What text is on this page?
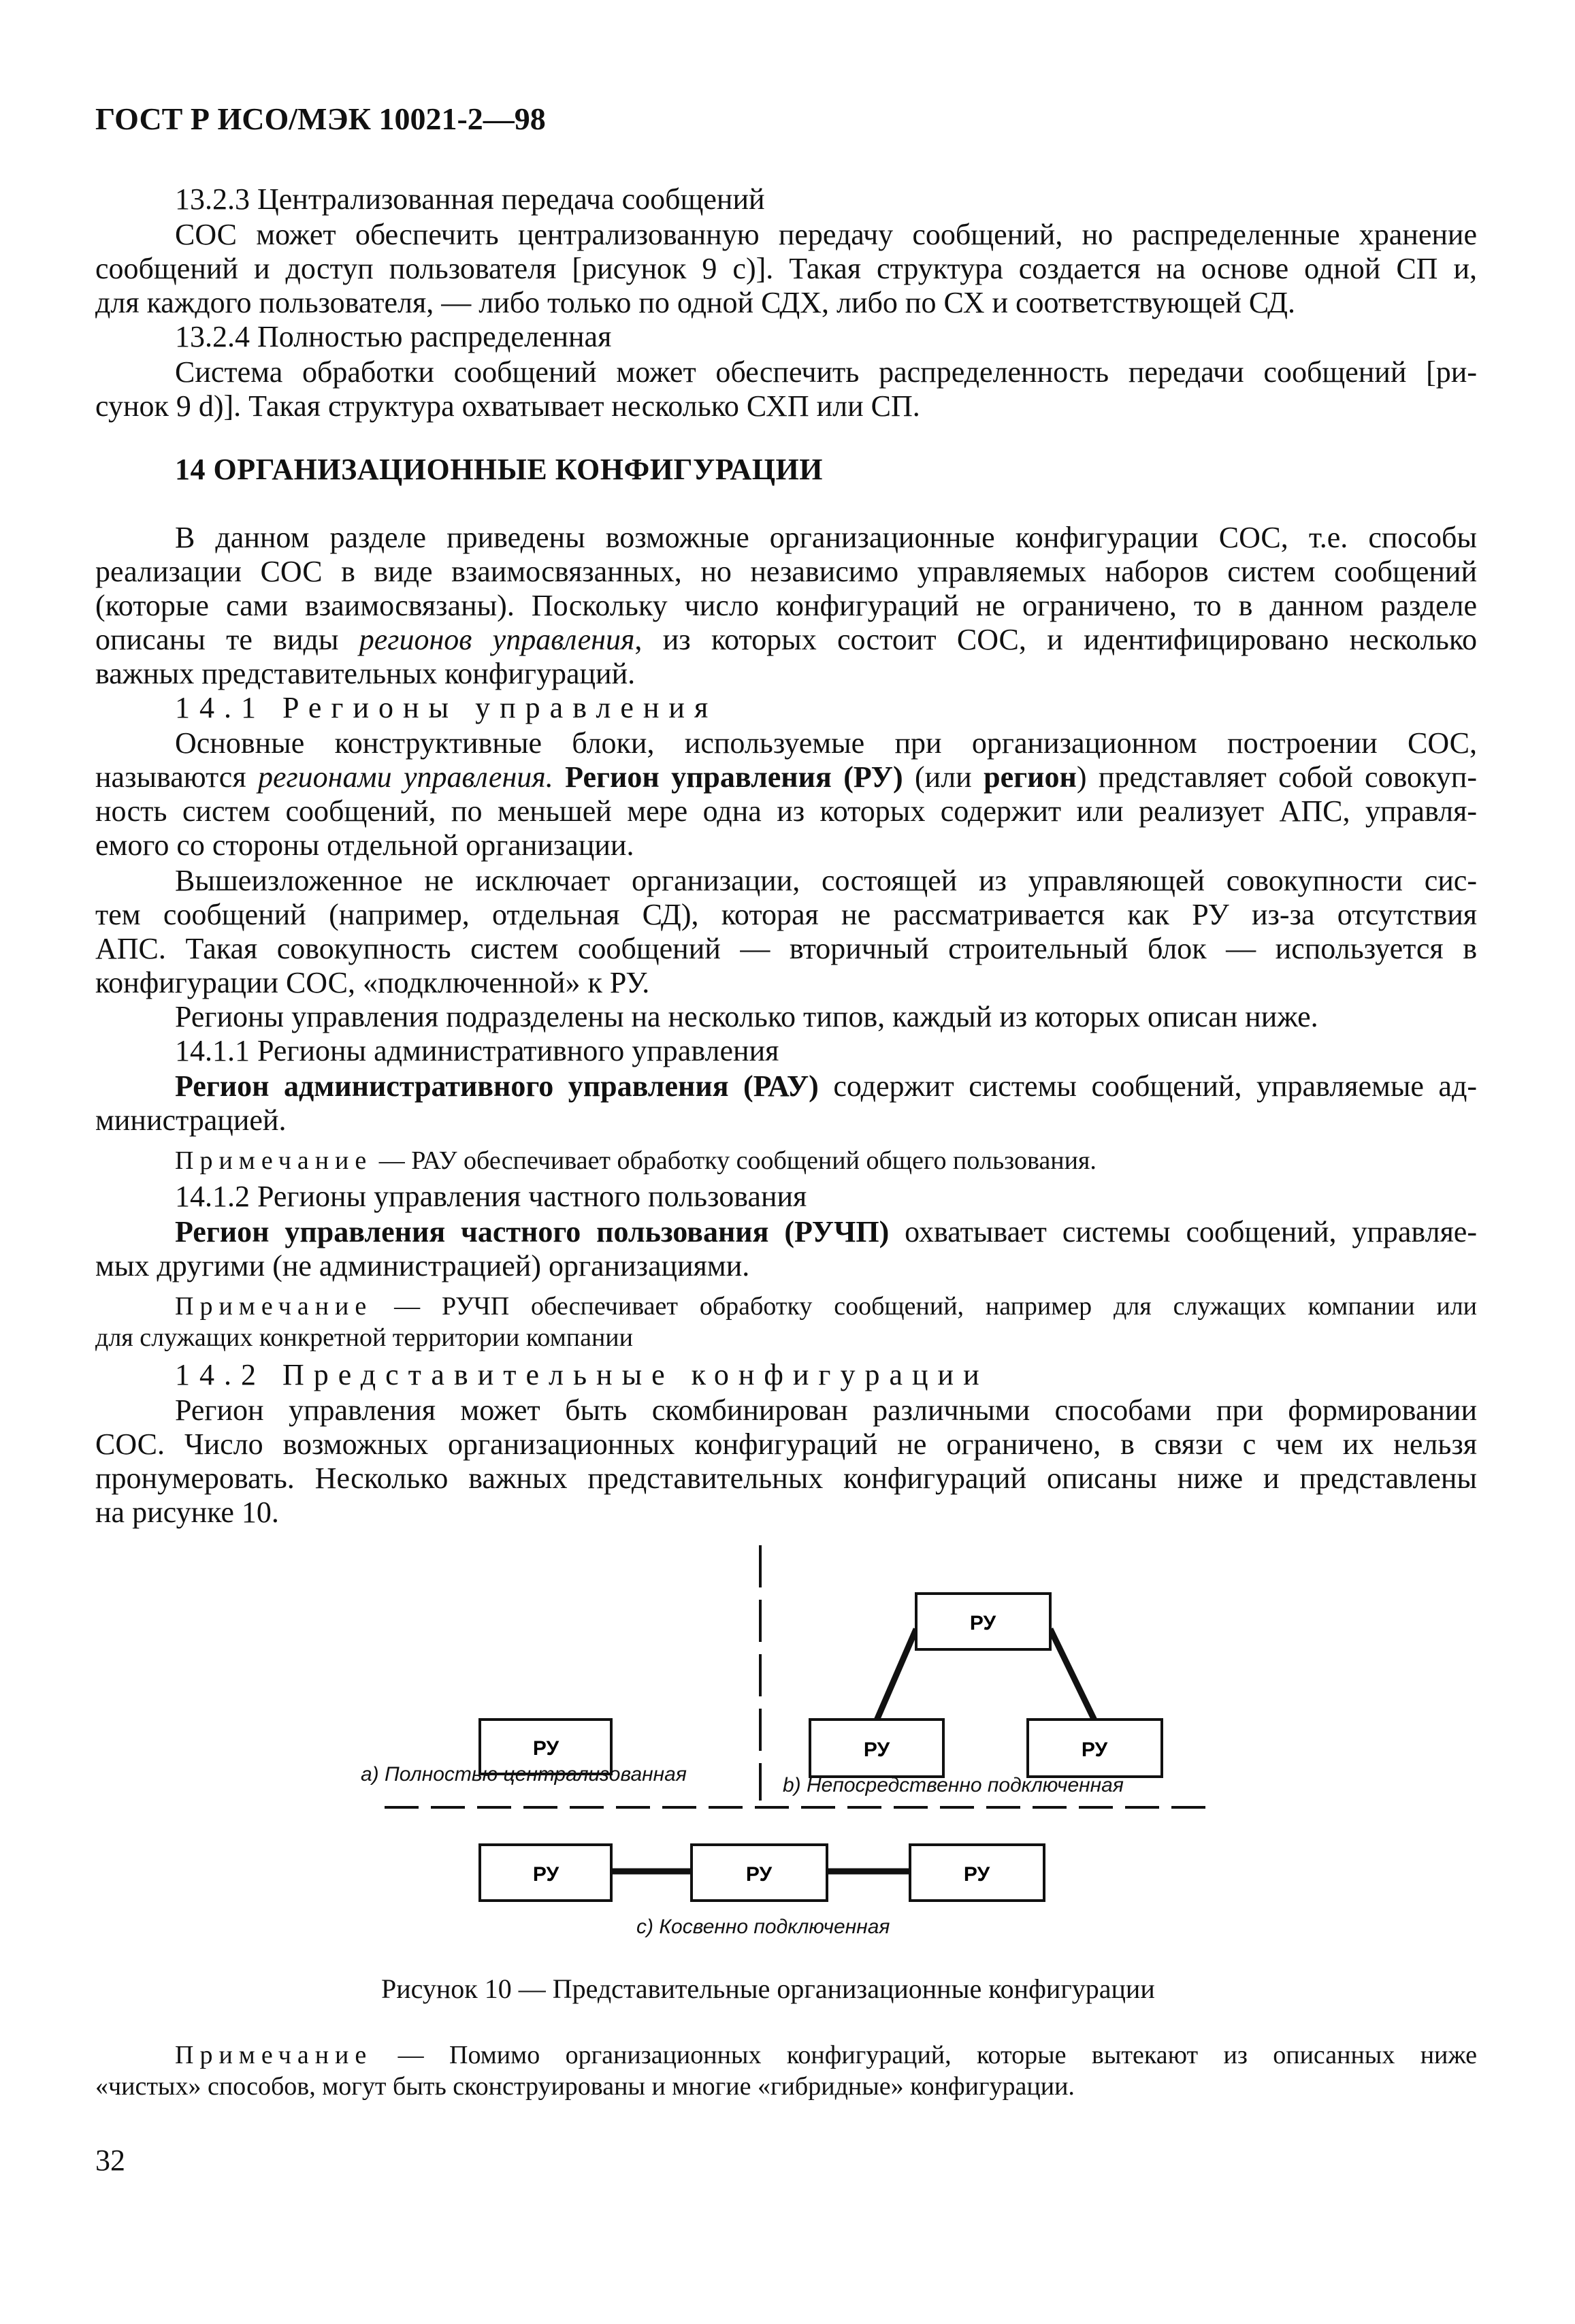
ГОСТ Р ИСО/МЭК 10021-2—98
13.2.3 Централизованная передача сообщений
СОС может обеспечить централизованную передачу сообщений, но распределенные хранение
сообщений и доступ пользователя [рисунок 9 с)]. Такая структура создается на основе одной СП и,
для каждого пользователя, — либо только по одной СДХ, либо по СХ и соответствующей СД.
13.2.4 Полностью распределенная
Система обработки сообщений может обеспечить распределенность передачи сообщений [ри-
сунок 9 d)]. Такая структура охватывает несколько СХП или СП.
14 ОРГАНИЗАЦИОННЫЕ КОНФИГУРАЦИИ
В данном разделе приведены возможные организационные конфигурации СОС, т.е. способы
реализации СОС в виде взаимосвязанных, но независимо управляемых наборов систем сообщений
(которые сами взаимосвязаны). Поскольку число конфигураций не ограничено, то в данном разделе
описаны те виды регионов управления, из которых состоит СОС, и идентифицировано несколько
важных представительных конфигураций.
14.1 Регионы управления
Основные конструктивные блоки, используемые при организационном построении СОС,
называются регионами управления. Регион управления (РУ) (или регион) представляет собой совокуп-
ность систем сообщений, по меньшей мере одна из которых содержит или реализует АПС, управля-
емого со стороны отдельной организации.
Вышеизложенное не исключает организации, состоящей из управляющей совокупности сис-
тем сообщений (например, отдельная СД), которая не рассматривается как РУ из-за отсутствия
АПС. Такая совокупность систем сообщений — вторичный строительный блок — используется в
конфигурации СОС, «подключенной» к РУ.
Регионы управления подразделены на несколько типов, каждый из которых описан ниже.
14.1.1 Регионы административного управления
Регион административного управления (РАУ) содержит системы сообщений, управляемые ад-
министрацией.
Примечание — РАУ обеспечивает обработку сообщений общего пользования.
14.1.2 Регионы управления частного пользования
Регион управления частного пользования (РУЧП) охватывает системы сообщений, управляе-
мых другими (не администрацией) организациями.
Примечание — РУЧП обеспечивает обработку сообщений, например для служащих компании или
для служащих конкретной территории компании
14.2 Представительные конфигурации
Регион управления может быть скомбинирован различными способами при формировании
СОС. Число возможных организационных конфигураций не ограничено, в связи с чем их нельзя
пронумеровать. Несколько важных представительных конфигураций описаны ниже и представлены
на рисунке 10.
РУ
РУ
РУ	РУ
РУ	РУ	РУ
а) Полностью централизованная	b) Непосредственно подключенная
с) Косвенно подключенная
Рисунок 10 — Представительные организационные конфигурации
Примечание — Помимо организационных конфигураций, которые вытекают из описанных ниже
«чистых» способов, могут быть сконструированы и многие «гибридные» конфигурации.
32
